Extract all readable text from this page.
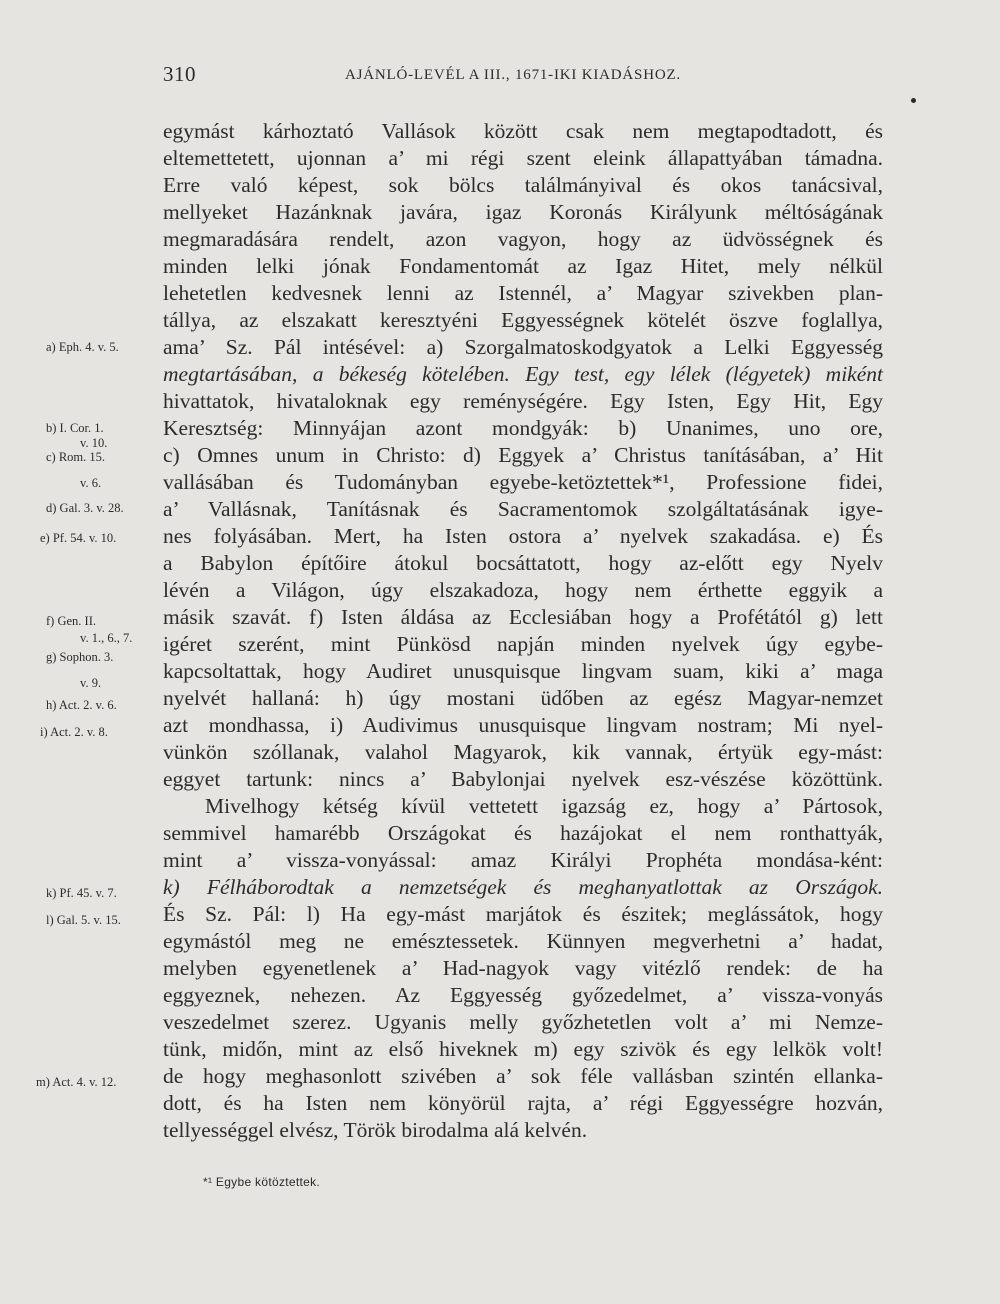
310	AJÁNLÓ-LEVÉL A III., 1671-IKI KIADÁSHOZ.
egymást kárhoztató Vallások között csak nem megtapodtadott, és
eltemettetett, ujonnan a’ mi régi szent eleink állapattyában támadna.
Erre való képest, sok bölcs találmányival és okos tanácsival,
mellyeket Hazánknak javára, igaz Koronás Királyunk méltóságának
megmaradására rendelt, azon vagyon, hogy az üdvösségnek és
minden lelki jónak Fondamentomát az Igaz Hitet, mely nélkül
lehetetlen kedvesnek lenni az Istennél, a’ Magyar szivekben plan-
tállya, az elszakatt keresztyéni Eggyességnek kötelét öszve foglallya,
ama’ Sz. Pál intésével: a) Szorgalmatoskodgyatok a Lelki Eggyesség
megtartásában, a békeség kötelében. Egy test, egy lélek (légyetek) miként
hivattatok, hivataloknak egy reménységére. Egy Isten, Egy Hit, Egy
Keresztség: Minnyájan azont mondgyák: b) Unanimes, uno ore,
c) Omnes unum in Christo: d) Eggyek a’ Christus tanításában, a’ Hit
vallásában és Tudományban egyebe-ketöztettek*¹, Professione fidei,
a’ Vallásnak, Tanításnak és Sacramentomok szolgáltatásának igye-
nes folyásában. Mert, ha Isten ostora a’ nyelvek szakadása. e) És
a Babylon építőire átokul bocsáttatott, hogy az-előtt egy Nyelv
lévén a Világon, úgy elszakadoza, hogy nem érthette eggyik a
másik szavát. f) Isten áldása az Ecclesiában hogy a Profétától g) lett
igéret szerént, mint Pünkösd napján minden nyelvek úgy egybe-
kapcsoltattak, hogy Audiret unusquisque lingvam suam, kiki a’ maga
nyelvét hallaná: h) úgy mostani üdőben az egész Magyar-nemzet
azt mondhassa, i) Audivimus unusquisque lingvam nostram; Mi nyel-
vünkön szóllanak, valahol Magyarok, kik vannak, értyük egy-mást:
eggyet tartunk: nincs a’ Babylonjai nyelvek esz-vészése közöttünk.
Mivelhogy kétség kívül vettetett igazság ez, hogy a’ Pártosok,
semmivel hamarébb Országokat és hazájokat el nem ronthattyák,
mint a’ vissza-vonyással: amaz Királyi Prophéta mondása-ként:
k) Félháborodtak a nemzetségek és meghanyatlottak az Országok.
És Sz. Pál: l) Ha egy-mást marjátok és észitek; meglássátok, hogy
egymástól meg ne emésztessetek. Künnyen megverhetni a’ hadat,
melyben egyenetlenek a’ Had-nagyok vagy vitézlő rendek: de ha
eggyeznek, nehezen. Az Eggyesség győzedelmet, a’ vissza-vonyás
veszedelmet szerez. Ugyanis melly győzhetetlen volt a’ mi Nemze-
tünk, midőn, mint az első hiveknek m) egy szivök és egy lelkök volt!
de hogy meghasonlott szivében a’ sok féle vallásban szintén ellanka-
dott, és ha Isten nem könyörül rajta, a’ régi Eggyességre hozván,
tellyességgel elvész, Török birodalma alá kelvén.
a) Eph. 4. v. 5.
b) I. Cor. 1.
v. 10.
c) Rom. 15.
v. 6.
d) Gal. 3. v. 28.
e) Pf. 54. v. 10.
f) Gen. II.
v. 1., 6., 7.
g) Sophon. 3.
v. 9.
h) Act. 2. v. 6.
i) Act. 2. v. 8.
k) Pf. 45. v. 7.
l) Gal. 5. v. 15.
m) Act. 4. v. 12.
*¹ Egybe kötöztettek.
